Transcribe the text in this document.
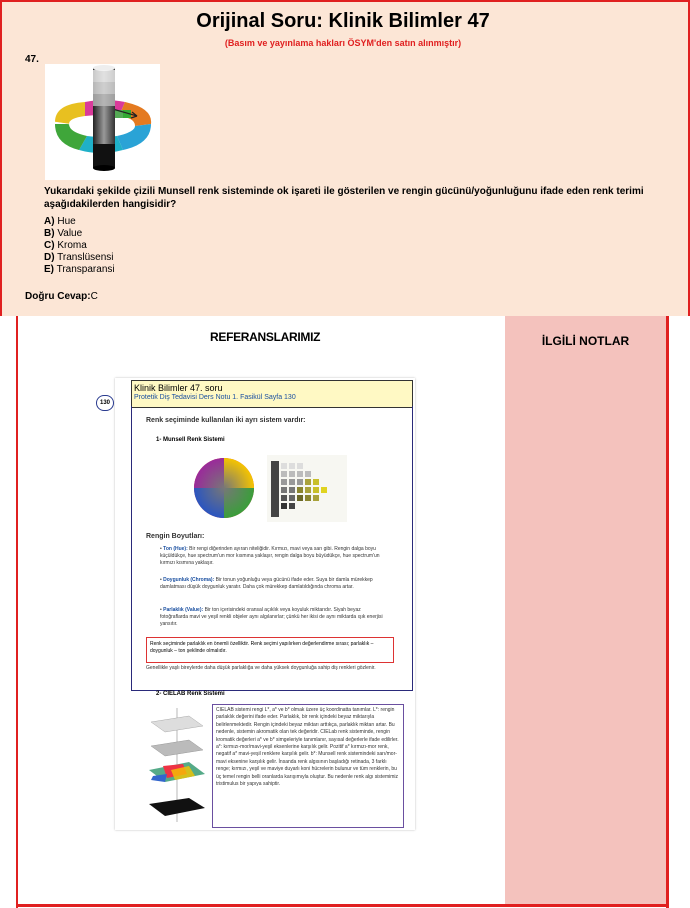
Orijinal Soru: Klinik Bilimler 47
(Basım ve yayınlama hakları ÖSYM'den satın alınmıştır)
47.
Yukarıdaki şekilde çizili Munsell renk sisteminde ok işareti ile gösterilen ve rengin gücünü/yoğunluğunu ifade eden renk terimi aşağıdakilerden hangisidir?
A) Hue
B) Value
C) Kroma
D) Translüsensi
E) Transparansi
Doğru Cevap:C
REFERANSLARIMIZ	İLGİLİ NOTLAR
130
Klinik Bilimler 47. soru
Protetik Diş Tedavisi Ders Notu 1. Fasikül Sayfa 130
Renk seçiminde kullanılan iki ayrı sistem vardır:
1- Munsell Renk Sistemi
Rengin Boyutları:
• Ton (Hue): Bir rengi diğerinden ayıran niteliğidir. Kırmızı, mavi veya sarı gibi. Rengin dalga boyu küçüldükçe, hue spectrum'un mor kısmına yaklaşır, rengin dalga boyu büyüdükçe, hue spectrum'un kırmızı kısmına yaklaşır.
• Doygunluk (Chroma): Bir tonun yoğunluğu veya gücünü ifade eder. Suya bir damla mürekkep damlatması düşük doygunluk yaratır. Daha çok mürekkep damlatıldığında chroma artar.
• Parlaklık (Value): Bir ton içerisindeki oransal açıklık veya koyuluk miktarıdır. Siyah beyaz fotoğraflarda mavi ve yeşil renkli objeler aynı algılanırlar; çünkü her ikisi de aynı miktarda ışık enerjisi yansıtır.
Renk seçiminde parlaklık en önemli özelliktir. Renk seçimi yapılırken değerlendirme sırası; parlaklık – doygunluk – ton şeklinde olmalıdır.
Genellikle yaşlı bireylerde daha düşük parlaklığa ve daha yüksek doygunluğa sahip diş renkleri gözlenir.
2- CIELAB Renk Sistemi
CIELAB sistemi rengi L*, a* ve b* olmak üzere üç koordinatta tanımlar. L*: rengin parlaklık değerini ifade eder. Parlaklık, bir renk içindeki beyaz miktarıyla belirlenmektedir. Rengin içindeki beyaz miktarı arttıkça, parlaklık miktarı artar. Bu nedenle, sistemin akromatik olan tek değeridir. CIELab renk sisteminde, rengin kromatik değerleri a* ve b* simgeleriyle tanımlanır, sayısal değerlerle ifade edilirler. a*: kırmızı-mor/mavi-yeşil eksenlerine karşılık gelir. Pozitif a* kırmızı-mor renk, negatif a* mavi-yeşil renklere karşılık gelir. b*: Munsell renk sistemindeki sarı/mor-mavi eksenine karşılık gelir. İnsanda renk algısının başladığı retinada, 3 farklı renge; kırmızı, yeşil ve maviye duyarlı koni hücrelerin bulunur ve tüm renklerin, bu üç temel rengin belli oranlarda karışımıyla oluştur. Bu nedenle renk algı sistemimiz tristimulus bir yapıya sahiptir.
